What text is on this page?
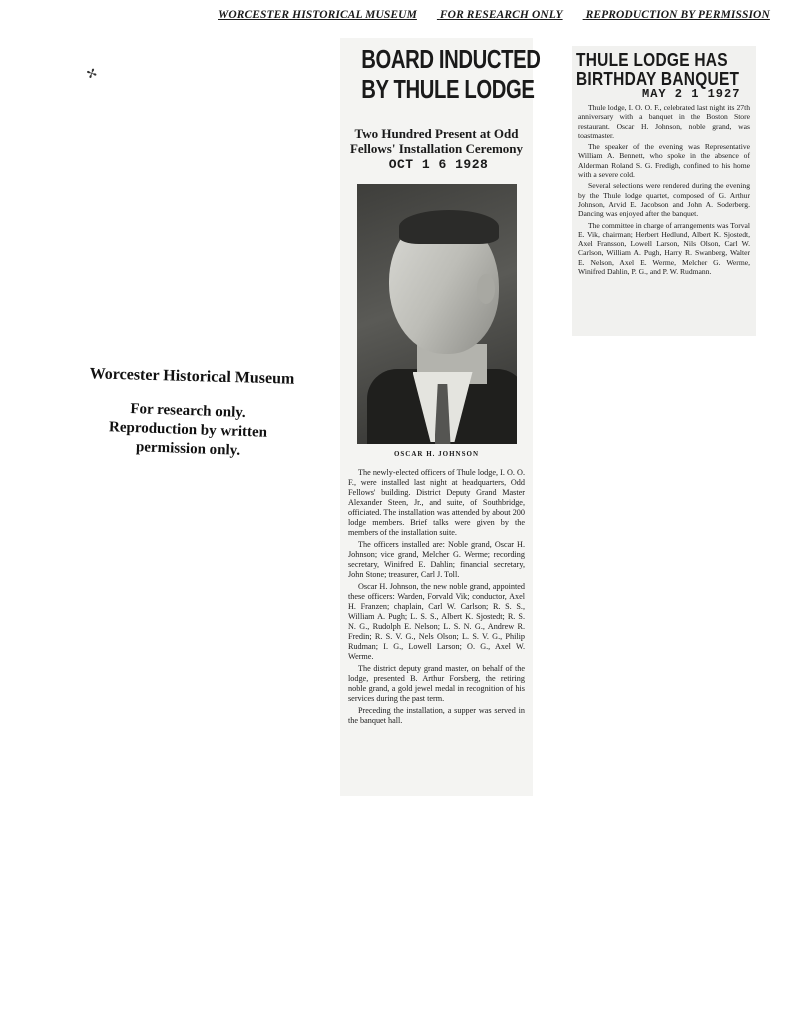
WORCESTER HISTORICAL MUSEUM FOR RESEARCH ONLY REPRODUCTION BY PERMISSION
✢
Worcester Historical Museum
For research only.
Reproduction by written
permission only.
BOARD INDUCTED
BY THULE LODGE
Two Hundred Present at Odd Fellows' Installation Ceremony OCT 1 6 1928
OSCAR H. JOHNSON

The newly-elected officers of Thule lodge, I. O. O. F., were installed last night at headquarters, Odd Fellows' building. District Deputy Grand Master Alexander Steen, Jr., and suite, of Southbridge, officiated. The installation was attended by about 200 lodge members. Brief talks were given by the members of the installation suite.

The officers installed are: Noble grand, Oscar H. Johnson; vice grand, Melcher G. Werme; recording secretary, Winifred E. Dahlin; financial secretary, John Stone; treasurer, Carl J. Toll.

Oscar H. Johnson, the new noble grand, appointed these officers: Warden, Forvald Vik; conductor, Axel H. Franzen; chaplain, Carl W. Carlson; R. S. S., William A. Pugh; L. S. S., Albert K. Sjostedt; R. S. N. G., Rudolph E. Nelson; L. S. N. G., Andrew R. Fredin; R. S. V. G., Nels Olson; L. S. V. G., Philip Rudman; I. G., Lowell Larson; O. G., Axel W. Werme.

The district deputy grand master, on behalf of the lodge, presented B. Arthur Forsberg, the retiring noble grand, a gold jewel medal in recognition of his services during the past term.

Preceding the installation, a supper was served in the banquet hall.

THULE LODGE HAS
BIRTHDAY BANQUET
MAY 2 1 1927

Thule lodge, I. O. O. F., celebrated last night its 27th anniversary with a banquet in the Boston Store restaurant. Oscar H. Johnson, noble grand, was toastmaster.

The speaker of the evening was Representative William A. Bennett, who spoke in the absence of Alderman Roland S. G. Fredigh, confined to his home with a severe cold.

Several selections were rendered during the evening by the Thule lodge quartet, composed of G. Arthur Johnson, Arvid E. Jacobson and John A. Soderberg. Dancing was enjoyed after the banquet.

The committee in charge of arrangements was Torval E. Vik, chairman; Herbert Hedlund, Albert K. Sjostedt, Axel Fransson, Lowell Larson, Nils Olson, Carl W. Carlson, William A. Pugh, Harry R. Swanberg, Walter E. Nelson, Axel E. Werme, Melcher G. Werme, Winifred Dahlin, P. G., and P. W. Rudmann.
